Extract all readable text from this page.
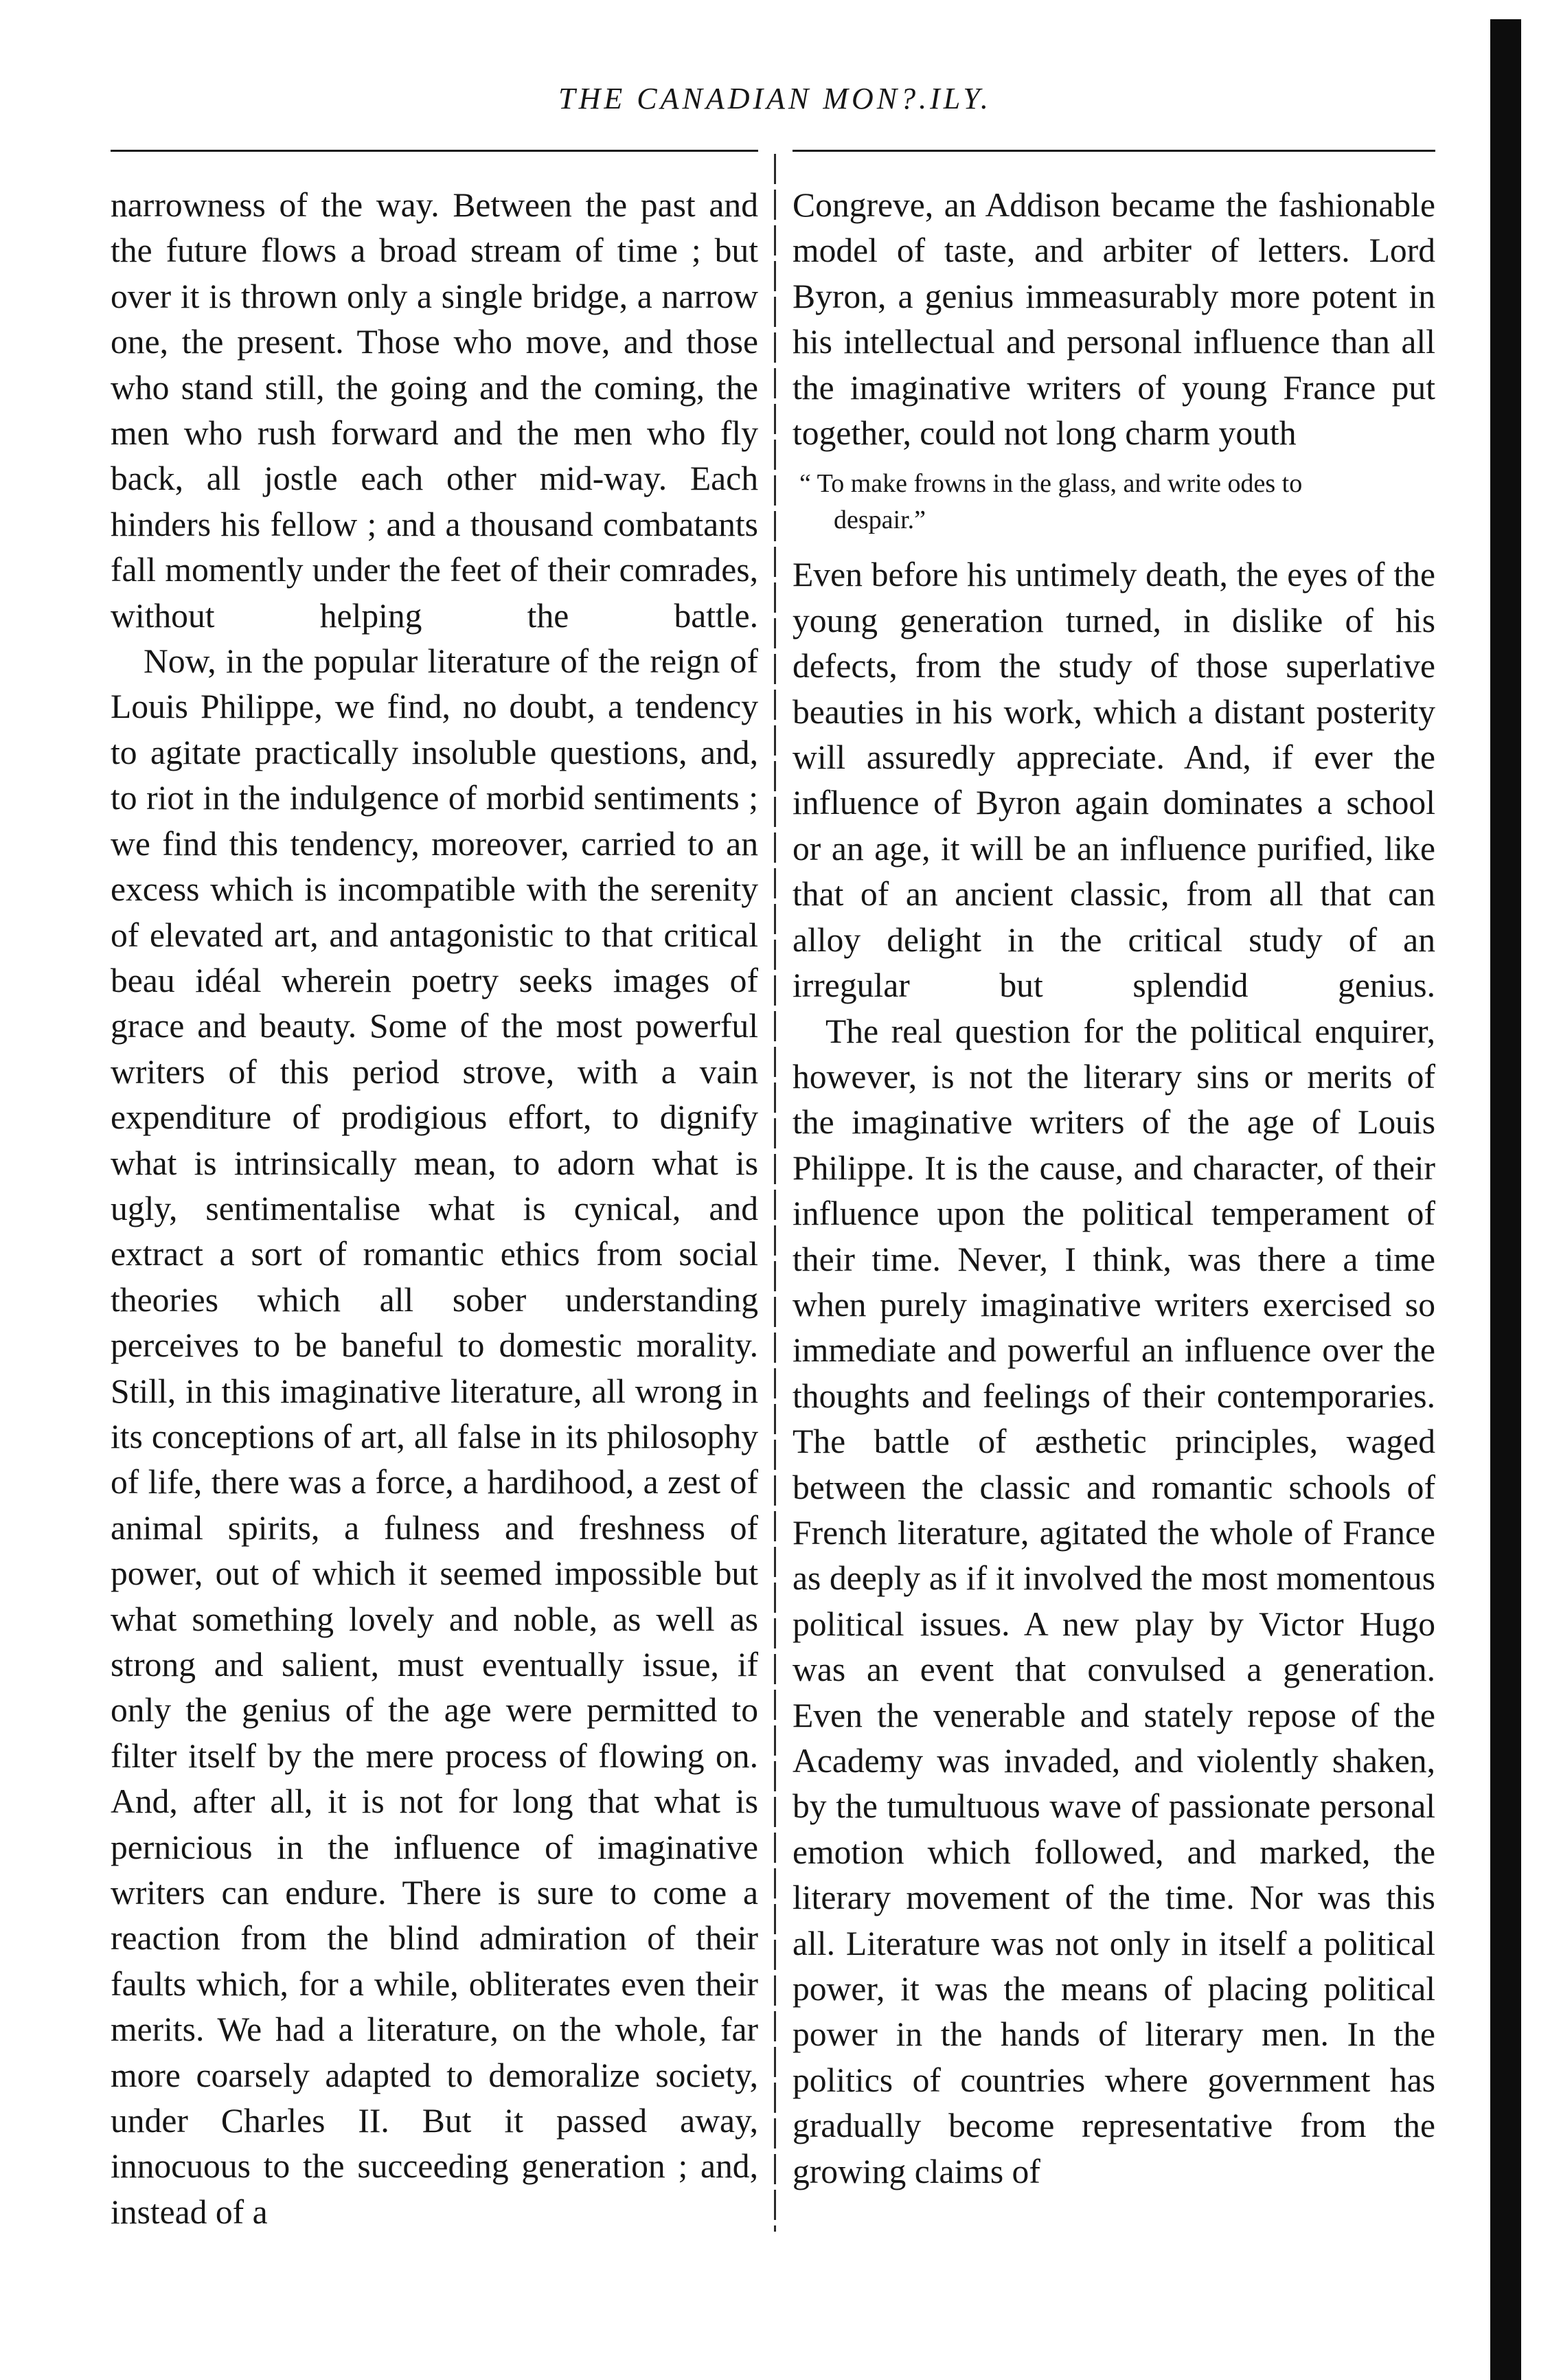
THE CANADIAN MON?.ILY.

narrowness of the way. Between the past and the future flows a broad stream of time ; but over it is thrown only a single bridge, a narrow one, the present. Those who move, and those who stand still, the going and the coming, the men who rush forward and the men who fly back, all jostle each other mid-way. Each hinders his fellow ; and a thousand combatants fall momently under the feet of their comrades, without helping the battle.

Now, in the popular literature of the reign of Louis Philippe, we find, no doubt, a tendency to agitate practically insoluble questions, and, to riot in the indulgence of morbid sentiments ; we find this tendency, moreover, carried to an excess which is incompatible with the serenity of elevated art, and antagonistic to that critical beau idéal wherein poetry seeks images of grace and beauty. Some of the most powerful writers of this period strove, with a vain expenditure of prodigious effort, to dignify what is intrinsically mean, to adorn what is ugly, sentimentalise what is cynical, and extract a sort of romantic ethics from social theories which all sober understanding perceives to be baneful to domestic morality. Still, in this imaginative literature, all wrong in its conceptions of art, all false in its philosophy of life, there was a force, a hardihood, a zest of animal spirits, a fulness and freshness of power, out of which it seemed impossible but what something lovely and noble, as well as strong and salient, must eventually issue, if only the genius of the age were permitted to filter itself by the mere process of flowing on. And, after all, it is not for long that what is pernicious in the influence of imaginative writers can endure. There is sure to come a reaction from the blind admiration of their faults which, for a while, obliterates even their merits. We had a literature, on the whole, far more coarsely adapted to demoralize society, under Charles II. But it passed away, innocuous to the succeeding generation ; and, instead of a

Congreve, an Addison became the fashionable model of taste, and arbiter of letters. Lord Byron, a genius immeasurably more potent in his intellectual and personal influence than all the imaginative writers of young France put together, could not long charm youth

“ To make frowns in the glass, and write odes to

despair.”

Even before his untimely death, the eyes of the young generation turned, in dislike of his defects, from the study of those superlative beauties in his work, which a distant posterity will assuredly appreciate. And, if ever the influence of Byron again dominates a school or an age, it will be an influence purified, like that of an ancient classic, from all that can alloy delight in the critical study of an irregular but splendid genius.

The real question for the political enquirer, however, is not the literary sins or merits of the imaginative writers of the age of Louis Philippe. It is the cause, and character, of their influence upon the political temperament of their time. Never, I think, was there a time when purely imaginative writers exercised so immediate and powerful an influence over the thoughts and feelings of their contemporaries. The battle of æsthetic principles, waged between the classic and romantic schools of French literature, agitated the whole of France as deeply as if it involved the most momentous political issues. A new play by Victor Hugo was an event that convulsed a generation. Even the venerable and stately repose of the Academy was invaded, and violently shaken, by the tumultuous wave of passionate personal emotion which followed, and marked, the literary movement of the time. Nor was this all. Literature was not only in itself a political power, it was the means of placing political power in the hands of literary men. In the politics of countries where government has gradually become representative from the growing claims of
